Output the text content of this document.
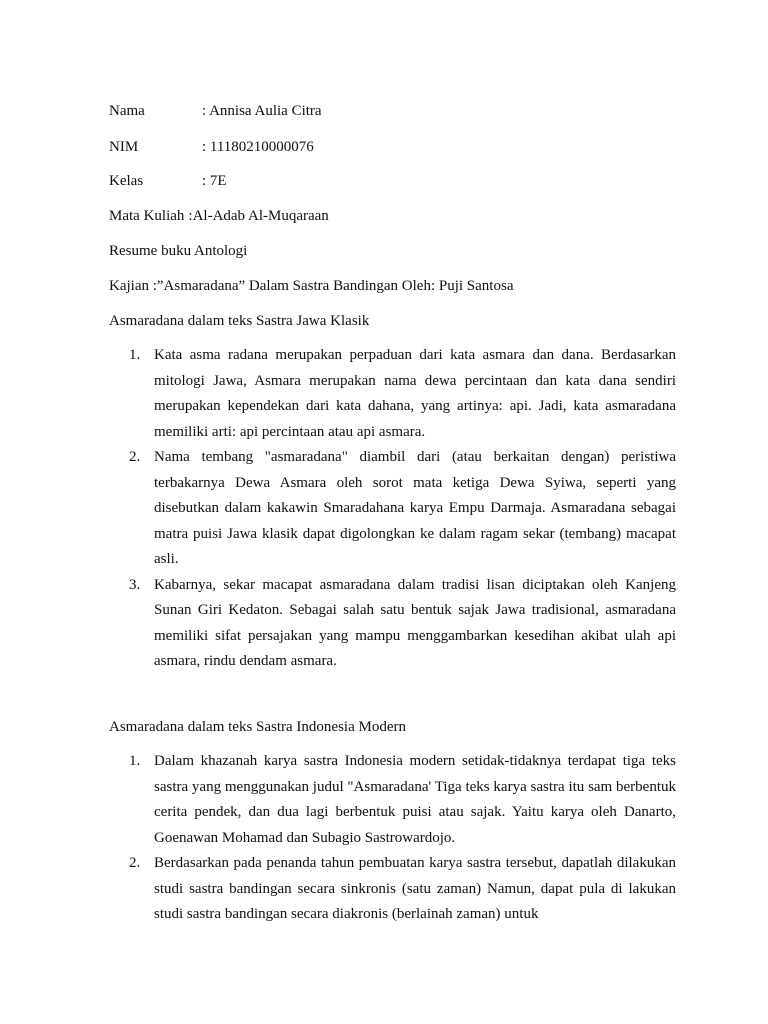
Nama	: Annisa Aulia Citra
NIM	: 11180210000076
Kelas	: 7E
Mata Kuliah :Al-Adab Al-Muqaraan
Resume buku Antologi
Kajian :”Asmaradana” Dalam Sastra Bandingan Oleh: Puji Santosa
Asmaradana dalam teks Sastra Jawa Klasik
1. Kata asma radana merupakan perpaduan dari kata asmara dan dana. Berdasarkan mitologi Jawa, Asmara merupakan nama dewa percintaan dan kata dana sendiri merupakan kependekan dari kata dahana, yang artinya: api. Jadi, kata asmaradana memiliki arti: api percintaan atau api asmara.
2. Nama tembang "asmaradana" diambil dari (atau berkaitan dengan) peristiwa terbakarnya Dewa Asmara oleh sorot mata ketiga Dewa Syiwa, seperti yang disebutkan dalam kakawin Smaradahana karya Empu Darmaja. Asmaradana sebagai matra puisi Jawa klasik dapat digolongkan ke dalam ragam sekar (tembang) macapat asli.
3. Kabarnya, sekar macapat asmaradana dalam tradisi lisan diciptakan oleh Kanjeng Sunan Giri Kedaton. Sebagai salah satu bentuk sajak Jawa tradisional, asmaradana memiliki sifat persajakan yang mampu menggambarkan kesedihan akibat ulah api asmara, rindu dendam asmara.
Asmaradana dalam teks Sastra Indonesia Modern
1. Dalam khazanah karya sastra Indonesia modern setidak-tidaknya terdapat tiga teks sastra yang menggunakan judul "Asmaradana' Tiga teks karya sastra itu sam berbentuk cerita pendek, dan dua lagi berbentuk puisi atau sajak. Yaitu karya oleh Danarto, Goenawan Mohamad dan Subagio Sastrowardojo.
2. Berdasarkan pada penanda tahun pembuatan karya sastra tersebut, dapatlah dilakukan studi sastra bandingan secara sinkronis (satu zaman) Namun, dapat pula di lakukan studi sastra bandingan secara diakronis (berlainah zaman) untuk
